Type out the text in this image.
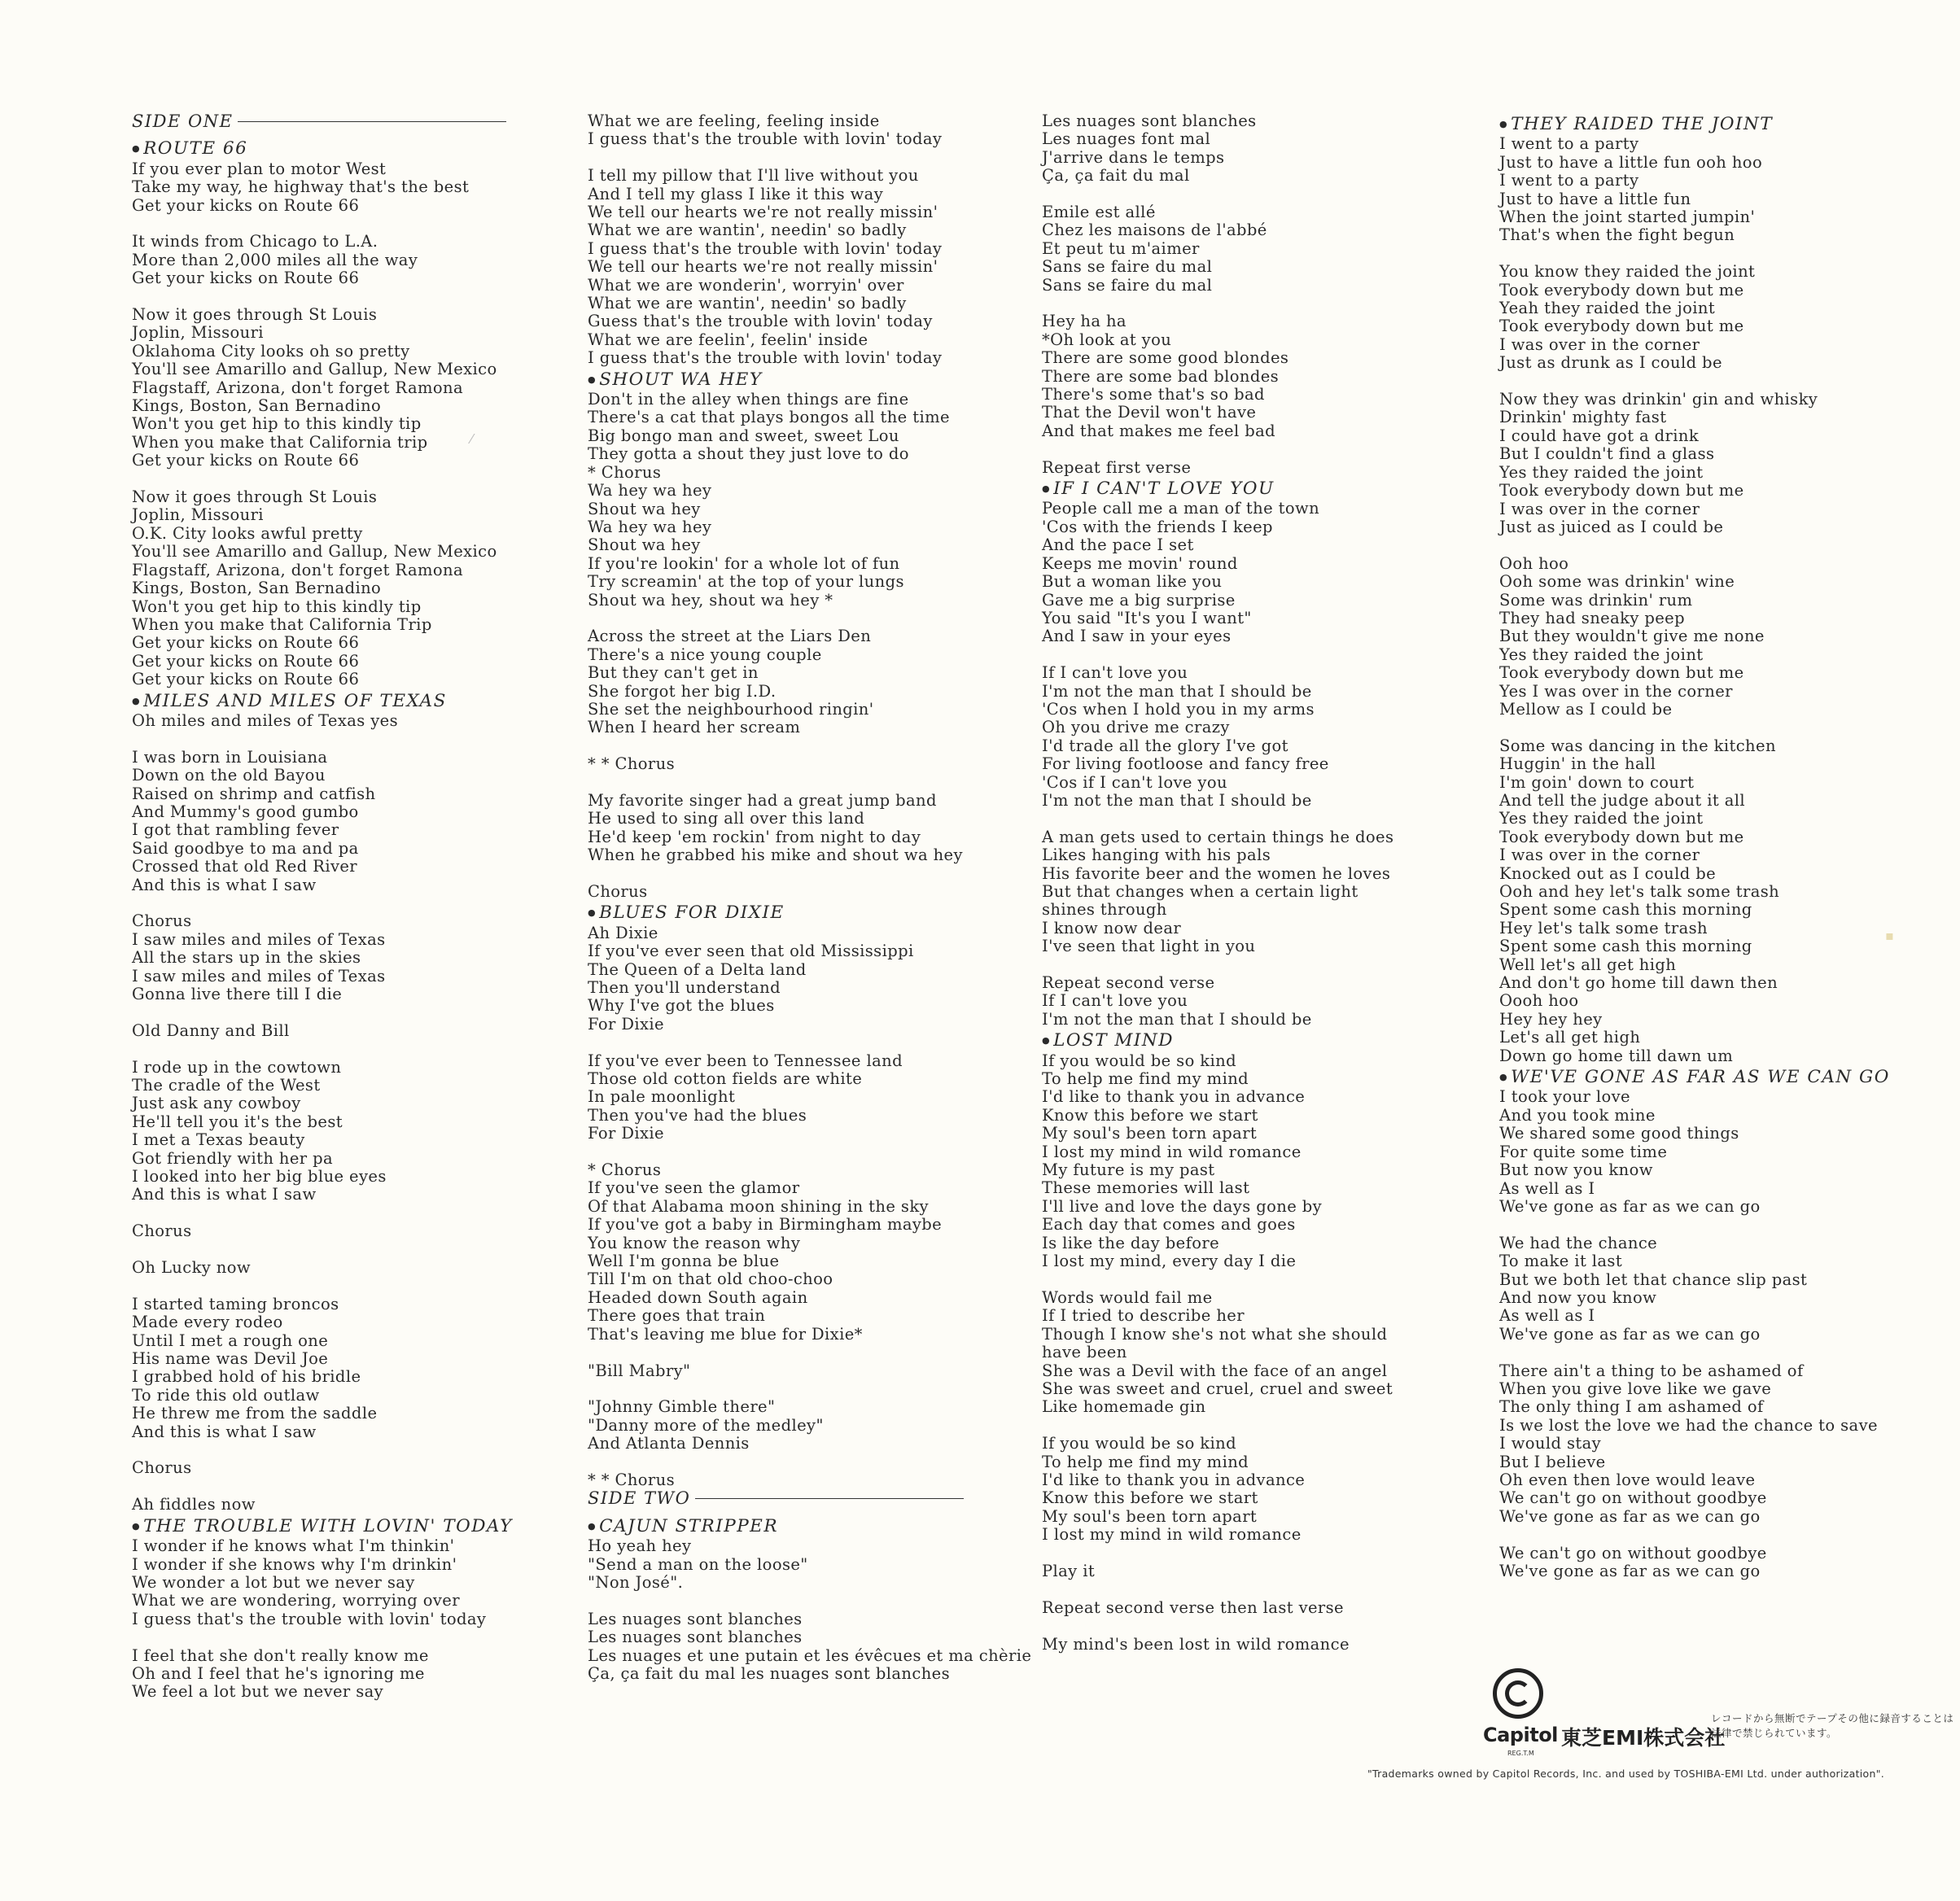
SIDE ONE
● ROUTE 66
If you ever plan to motor West
Take my way, he highway that's the best
Get your kicks on Route 66
It winds from Chicago to L.A.
More than 2,000 miles all the way
Get your kicks on Route 66
Now it goes through St Louis
Joplin, Missouri
Oklahoma City looks oh so pretty
You'll see Amarillo and Gallup, New Mexico
Flagstaff, Arizona, don't forget Ramona
Kings, Boston, San Bernadino
Won't you get hip to this kindly tip
When you make that California trip
Get your kicks on Route 66
Now it goes through St Louis
Joplin, Missouri
O.K. City looks awful pretty
You'll see Amarillo and Gallup, New Mexico
Flagstaff, Arizona, don't forget Ramona
Kings, Boston, San Bernadino
Won't you get hip to this kindly tip
When you make that California Trip
Get your kicks on Route 66
Get your kicks on Route 66
Get your kicks on Route 66
● MILES AND MILES OF TEXAS
Oh miles and miles of Texas yes
I was born in Louisiana
Down on the old Bayou
Raised on shrimp and catfish
And Mummy's good gumbo
I got that rambling fever
Said goodbye to ma and pa
Crossed that old Red River
And this is what I saw
Chorus
I saw miles and miles of Texas
All the stars up in the skies
I saw miles and miles of Texas
Gonna live there till I die
Old Danny and Bill
I rode up in the cowtown
The cradle of the West
Just ask any cowboy
He'll tell you it's the best
I met a Texas beauty
Got friendly with her pa
I looked into her big blue eyes
And this is what I saw
Chorus
Oh Lucky now
I started taming broncos
Made every rodeo
Until I met a rough one
His name was Devil Joe
I grabbed hold of his bridle
To ride this old outlaw
He threw me from the saddle
And this is what I saw
Chorus
Ah fiddles now
● THE TROUBLE WITH LOVIN' TODAY
I wonder if he knows what I'm thinkin'
I wonder if she knows why I'm drinkin'
We wonder a lot but we never say
What we are wondering, worrying over
I guess that's the trouble with lovin' today
I feel that she don't really know me
Oh and I feel that he's ignoring me
We feel a lot but we never say
What we are feeling, feeling inside
I guess that's the trouble with lovin' today
I tell my pillow that I'll live without you
And I tell my glass I like it this way
We tell our hearts we're not really missin'
What we are wantin', needin' so badly
I guess that's the trouble with lovin' today
We tell our hearts we're not really missin'
What we are wonderin', worryin' over
What we are wantin', needin' so badly
Guess that's the trouble with lovin' today
What we are feelin', feelin' inside
I guess that's the trouble with lovin' today
● SHOUT WA HEY
Don't in the alley when things are fine
There's a cat that plays bongos all the time
Big bongo man and sweet, sweet Lou
They gotta a shout they just love to do
* Chorus
Wa hey wa hey
Shout wa hey
Wa hey wa hey
Shout wa hey
If you're lookin' for a whole lot of fun
Try screamin' at the top of your lungs
Shout wa hey, shout wa hey *
Across the street at the Liars Den
There's a nice young couple
But they can't get in
She forgot her big I.D.
She set the neighbourhood ringin'
When I heard her scream
* * Chorus
My favorite singer had a great jump band
He used to sing all over this land
He'd keep 'em rockin' from night to day
When he grabbed his mike and shout wa hey
Chorus
● BLUES FOR DIXIE
Ah Dixie
If you've ever seen that old Mississippi
The Queen of a Delta land
Then you'll understand
Why I've got the blues
For Dixie
If you've ever been to Tennessee land
Those old cotton fields are white
In pale moonlight
Then you've had the blues
For Dixie
* Chorus
If you've seen the glamor
Of that Alabama moon shining in the sky
If you've got a baby in Birmingham maybe
You know the reason why
Well I'm gonna be blue
Till I'm on that old choo-choo
Headed down South again
There goes that train
That's leaving me blue for Dixie*
"Bill Mabry"
"Johnny Gimble there"
"Danny more of the medley"
And Atlanta Dennis
* * Chorus
SIDE TWO
● CAJUN STRIPPER
Ho yeah hey
"Send a man on the loose"
"Non José".
Les nuages sont blanches
Les nuages sont blanches
Les nuages et une putain et les évêcues et ma chèrie
Ça, ça fait du mal les nuages sont blanches
Les nuages sont blanches
Les nuages font mal
J'arrive dans le temps
Ça, ça fait du mal
Emile est allé
Chez les maisons de l'abbé
Et peut tu m'aimer
Sans se faire du mal
Sans se faire du mal
Hey ha ha
*Oh look at you
There are some good blondes
There are some bad blondes
There's some that's so bad
That the Devil won't have
And that makes me feel bad
Repeat first verse
● IF I CAN'T LOVE YOU
People call me a man of the town
'Cos with the friends I keep
And the pace I set
Keeps me movin' round
But a woman like you
Gave me a big surprise
You said "It's you I want"
And I saw in your eyes
If I can't love you
I'm not the man that I should be
'Cos when I hold you in my arms
Oh you drive me crazy
I'd trade all the glory I've got
For living footloose and fancy free
'Cos if I can't love you
I'm not the man that I should be
A man gets used to certain things he does
Likes hanging with his pals
His favorite beer and the women he loves
But that changes when a certain light
shines through
I know now dear
I've seen that light in you
Repeat second verse
If I can't love you
I'm not the man that I should be
● LOST MIND
If you would be so kind
To help me find my mind
I'd like to thank you in advance
Know this before we start
My soul's been torn apart
I lost my mind in wild romance
My future is my past
These memories will last
I'll live and love the days gone by
Each day that comes and goes
Is like the day before
I lost my mind, every day I die
Words would fail me
If I tried to describe her
Though I know she's not what she should
have been
She was a Devil with the face of an angel
She was sweet and cruel, cruel and sweet
Like homemade gin
If you would be so kind
To help me find my mind
I'd like to thank you in advance
Know this before we start
My soul's been torn apart
I lost my mind in wild romance
Play it
Repeat second verse then last verse
My mind's been lost in wild romance
● THEY RAIDED THE JOINT
I went to a party
Just to have a little fun ooh hoo
I went to a party
Just to have a little fun
When the joint started jumpin'
That's when the fight begun
You know they raided the joint
Took everybody down but me
Yeah they raided the joint
Took everybody down but me
I was over in the corner
Just as drunk as I could be
Now they was drinkin' gin and whisky
Drinkin' mighty fast
I could have got a drink
But I couldn't find a glass
Yes they raided the joint
Took everybody down but me
I was over in the corner
Just as juiced as I could be
Ooh hoo
Ooh some was drinkin' wine
Some was drinkin' rum
They had sneaky peep
But they wouldn't give me none
Yes they raided the joint
Took everybody down but me
Yes I was over in the corner
Mellow as I could be
Some was dancing in the kitchen
Huggin' in the hall
I'm goin' down to court
And tell the judge about it all
Yes they raided the joint
Took everybody down but me
I was over in the corner
Knocked out as I could be
Ooh and hey let's talk some trash
Spent some cash this morning
Hey let's talk some trash
Spent some cash this morning
Well let's all get high
And don't go home till dawn then
Oooh hoo
Hey hey hey
Let's all get high
Down go home till dawn um
● WE'VE GONE AS FAR AS WE CAN GO
I took your love
And you took mine
We shared some good things
For quite some time
But now you know
As well as I
We've gone as far as we can go
We had the chance
To make it last
But we both let that chance slip past
And now you know
As well as I
We've gone as far as we can go
There ain't a thing to be ashamed of
When you give love like we gave
The only thing I am ashamed of
Is we lost the love we had the chance to save
I would stay
But I believe
Oh even then love would leave
We can't go on without goodbye
We've gone as far as we can go
We can't go on without goodbye
We've gone as far as we can go
⁄
▪
Capitol
REG.T.M
東芝EMI株式会社
レコードから無断でテープその他に録音することは法律で禁じられています。
"Trademarks owned by Capitol Records, Inc. and used by TOSHIBA-EMI Ltd. under authorization".
